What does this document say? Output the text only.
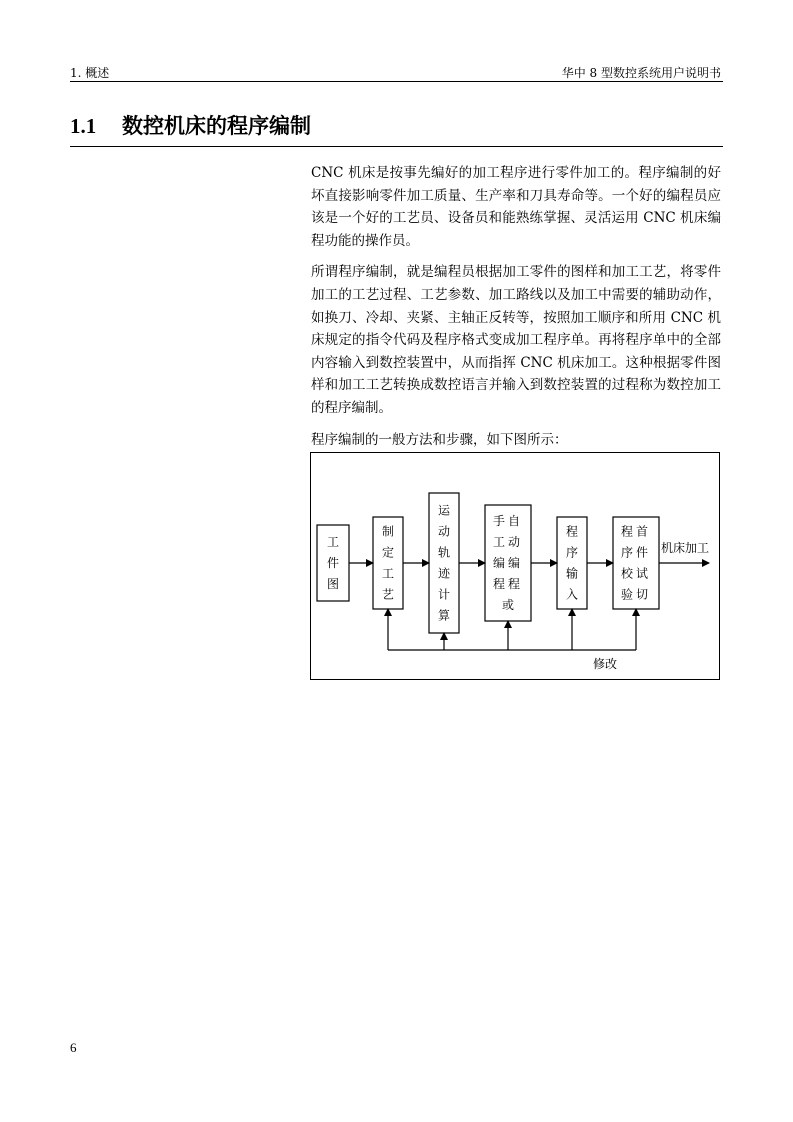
1. 概述	华中 8 型数控系统用户说明书
1.1 数控机床的程序编制

CNC 机床是按事先编好的加工程序进行零件加工的。程序编制的好坏直接影响零件加工质量、生产率和刀具寿命等。一个好的编程员应该是一个好的工艺员、设备员和能熟练掌握、灵活运用 CNC 机床编程功能的操作员。

所谓程序编制，就是编程员根据加工零件的图样和加工工艺，将零件加工的工艺过程、工艺参数、加工路线以及加工中需要的辅助动作，如换刀、冷却、夹紧、主轴正反转等，按照加工顺序和所用 CNC 机床规定的指令代码及程序格式变成加工程序单。再将程序单中的全部内容输入到数控装置中，从而指挥 CNC 机床加工。这种根据零件图样和加工工艺转换成数控语言并输入到数控装置的过程称为数控加工的程序编制。

程序编制的一般方法和步骤，如下图所示：

工
件
图
制
定
工
艺
运
动
轨
迹
计
算
手自
工动
编编
程程
或
程
序
输
入
程首
序件
校试
验切
机床加工
修改
6
